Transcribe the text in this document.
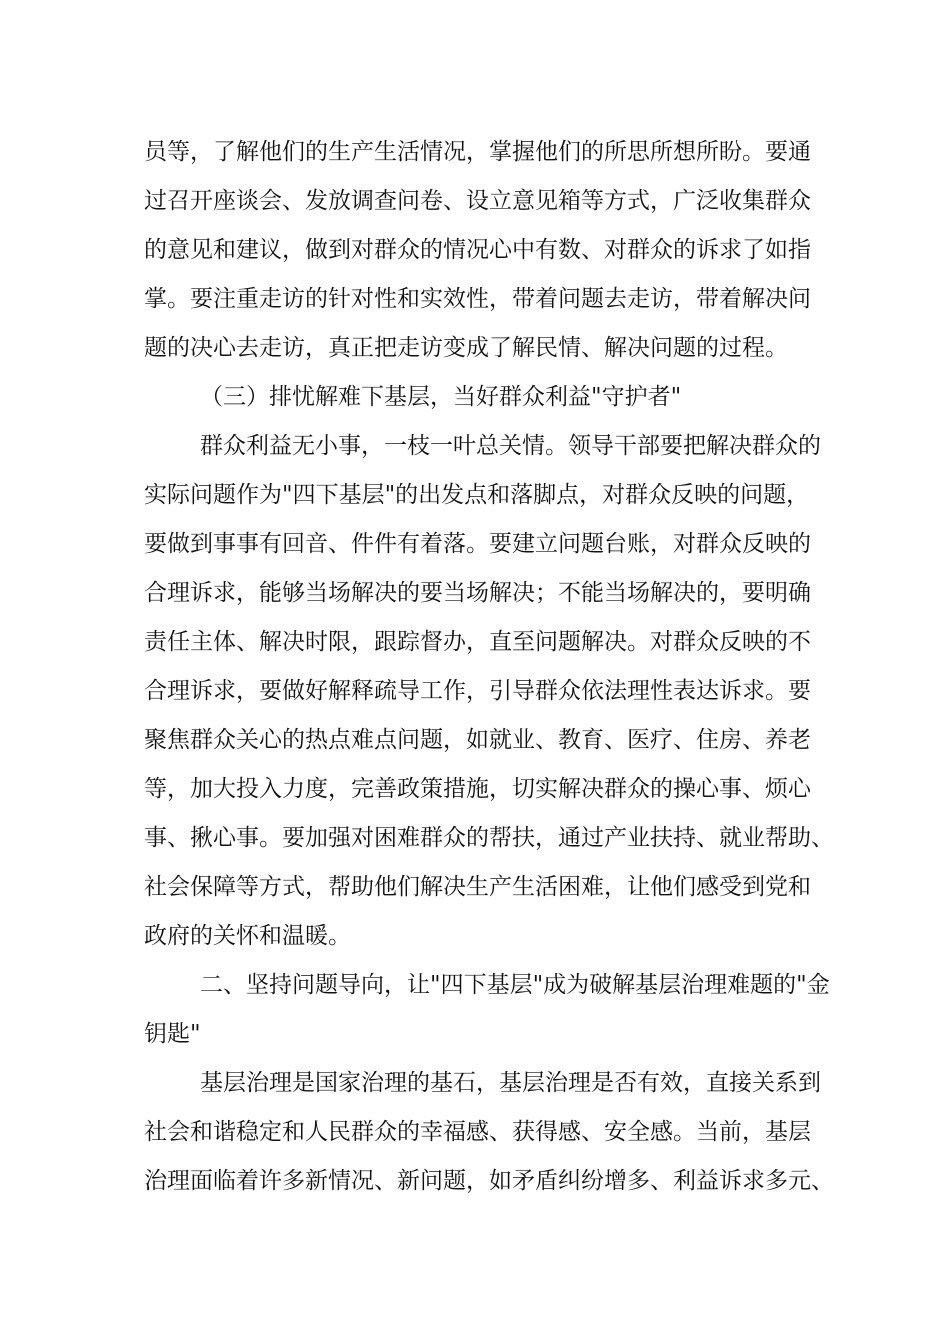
员等，了解他们的生产生活情况，掌握他们的所思所想所盼。要通
过召开座谈会、发放调查问卷、设立意见箱等方式，广泛收集群众
的意见和建议，做到对群众的情况心中有数、对群众的诉求了如指
掌。要注重走访的针对性和实效性，带着问题去走访，带着解决问
题的决心去走访，真正把走访变成了解民情、解决问题的过程。
（三）排忧解难下基层，当好群众利益"守护者"
群众利益无小事，一枝一叶总关情。领导干部要把解决群众的
实际问题作为"四下基层"的出发点和落脚点，对群众反映的问题，
要做到事事有回音、件件有着落。要建立问题台账，对群众反映的
合理诉求，能够当场解决的要当场解决；不能当场解决的，要明确
责任主体、解决时限，跟踪督办，直至问题解决。对群众反映的不
合理诉求，要做好解释疏导工作，引导群众依法理性表达诉求。要
聚焦群众关心的热点难点问题，如就业、教育、医疗、住房、养老
等，加大投入力度，完善政策措施，切实解决群众的操心事、烦心
事、揪心事。要加强对困难群众的帮扶，通过产业扶持、就业帮助、
社会保障等方式，帮助他们解决生产生活困难，让他们感受到党和
政府的关怀和温暖。
二、坚持问题导向，让"四下基层"成为破解基层治理难题的"金
钥匙"
基层治理是国家治理的基石，基层治理是否有效，直接关系到
社会和谐稳定和人民群众的幸福感、获得感、安全感。当前，基层
治理面临着许多新情况、新问题，如矛盾纠纷增多、利益诉求多元、
